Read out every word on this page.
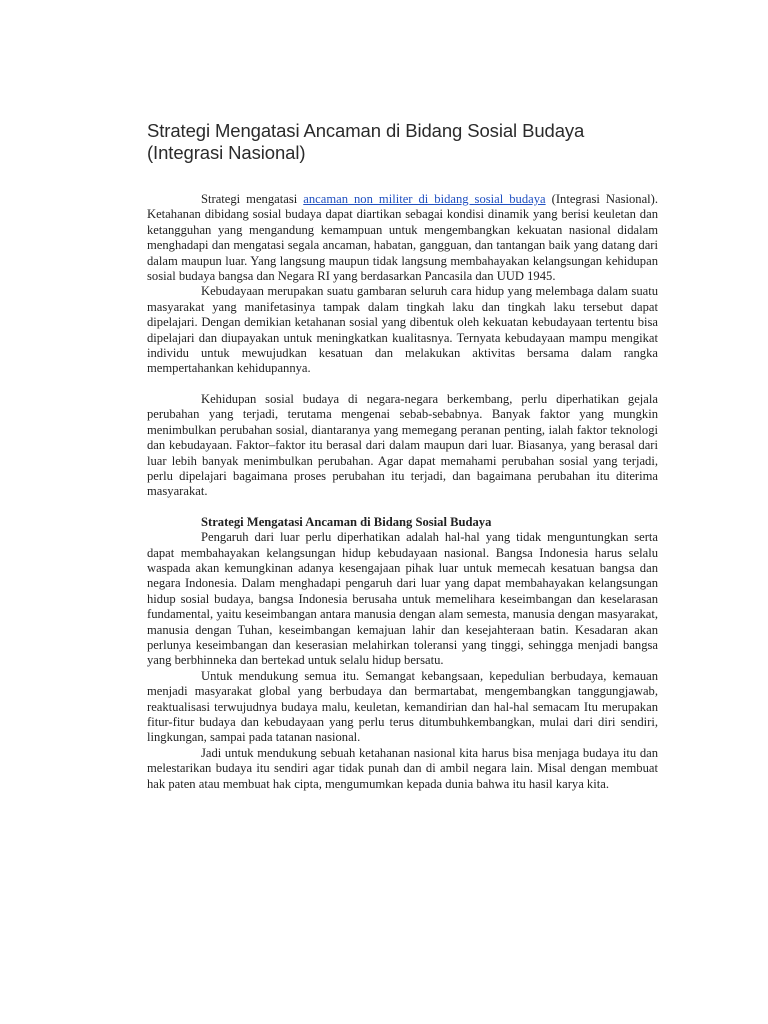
Strategi Mengatasi Ancaman di Bidang Sosial Budaya
(Integrasi Nasional)

Strategi mengatasi ancaman non militer di bidang sosial budaya (Integrasi Nasional). Ketahanan dibidang sosial budaya dapat diartikan sebagai kondisi dinamik yang berisi keuletan dan ketangguhan yang mengandung kemampuan untuk mengembangkan kekuatan nasional didalam menghadapi dan mengatasi segala ancaman, habatan, gangguan, dan tantangan baik yang datang dari dalam maupun luar. Yang langsung maupun tidak langsung membahayakan kelangsungan kehidupan sosial budaya bangsa dan Negara RI yang berdasarkan Pancasila dan UUD 1945.

Kebudayaan merupakan suatu gambaran seluruh cara hidup yang melembaga dalam suatu masyarakat yang manifetasinya tampak dalam tingkah laku dan tingkah laku tersebut dapat dipelajari. Dengan demikian ketahanan sosial yang dibentuk oleh kekuatan kebudayaan tertentu bisa dipelajari dan diupayakan untuk meningkatkan kualitasnya. Ternyata kebudayaan mampu mengikat individu untuk mewujudkan kesatuan dan melakukan aktivitas bersama dalam rangka mempertahankan kehidupannya.

Kehidupan sosial budaya di negara-negara berkembang, perlu diperhatikan gejala perubahan yang terjadi, terutama mengenai sebab-sebabnya. Banyak faktor yang mungkin menimbulkan perubahan sosial, diantaranya yang memegang peranan penting, ialah faktor teknologi dan kebudayaan. Faktor–faktor itu berasal dari dalam maupun dari luar. Biasanya, yang berasal dari luar lebih banyak menimbulkan perubahan. Agar dapat memahami perubahan sosial yang terjadi, perlu dipelajari bagaimana proses perubahan itu terjadi, dan bagaimana perubahan itu diterima masyarakat.

Strategi Mengatasi Ancaman di Bidang Sosial Budaya

Pengaruh dari luar perlu diperhatikan adalah hal-hal yang tidak menguntungkan serta dapat membahayakan kelangsungan hidup kebudayaan nasional. Bangsa Indonesia harus selalu waspada akan kemungkinan adanya kesengajaan pihak luar untuk memecah kesatuan bangsa dan negara Indonesia. Dalam menghadapi pengaruh dari luar yang dapat membahayakan kelangsungan hidup sosial budaya, bangsa Indonesia berusaha untuk memelihara keseimbangan dan keselarasan fundamental, yaitu keseimbangan antara manusia dengan alam semesta, manusia dengan masyarakat, manusia dengan Tuhan, keseimbangan kemajuan lahir dan kesejahteraan batin. Kesadaran akan perlunya keseimbangan dan keserasian melahirkan toleransi yang tinggi, sehingga menjadi bangsa yang berbhinneka dan bertekad untuk selalu hidup bersatu.

Untuk mendukung semua itu. Semangat kebangsaan, kepedulian berbudaya, kemauan menjadi masyarakat global yang berbudaya dan bermartabat, mengembangkan tanggungjawab, reaktualisasi terwujudnya budaya malu, keuletan, kemandirian dan hal-hal semacam Itu merupakan fitur-fitur budaya dan kebudayaan yang perlu terus ditumbuhkembangkan, mulai dari diri sendiri, lingkungan, sampai pada tatanan nasional.

Jadi untuk mendukung sebuah ketahanan nasional kita harus bisa menjaga budaya itu dan melestarikan budaya itu sendiri agar tidak punah dan di ambil negara lain. Misal dengan membuat hak paten atau membuat hak cipta, mengumumkan kepada dunia bahwa itu hasil karya kita.
